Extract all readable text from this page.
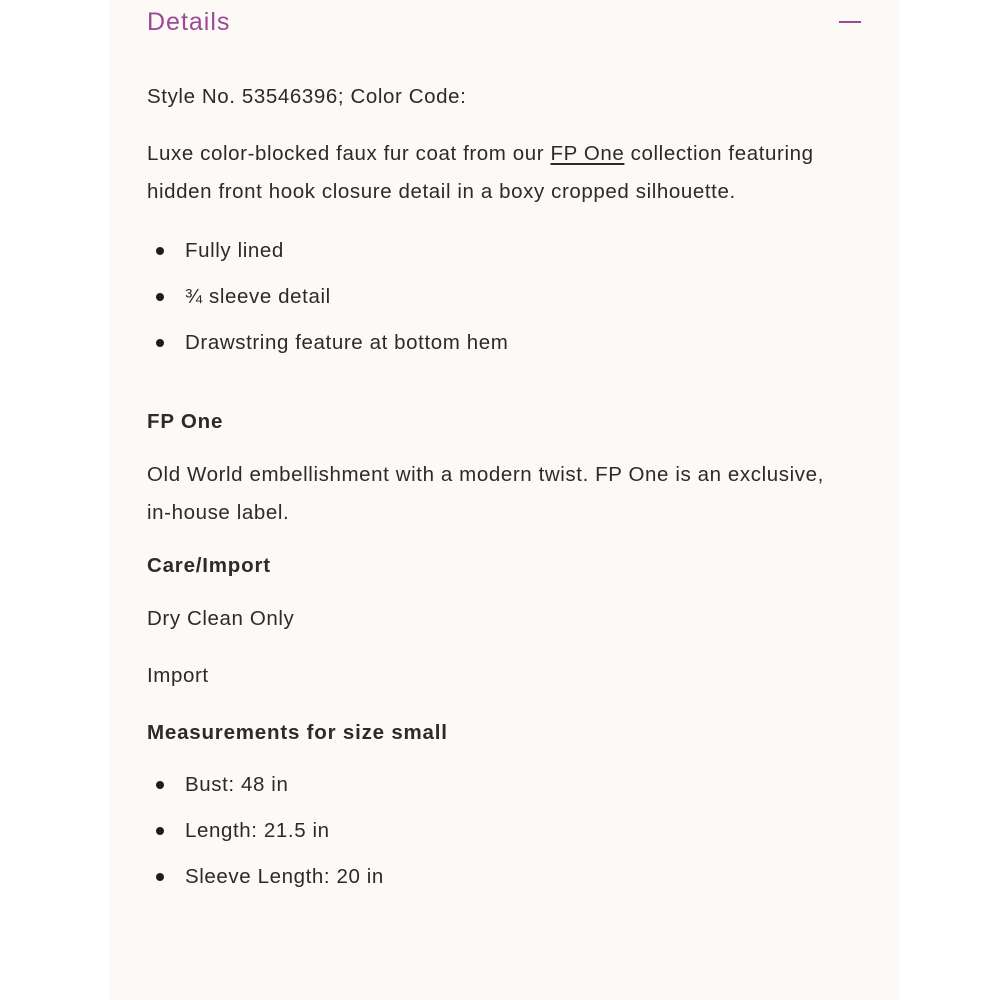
Details

Style No. 53546396; Color Code:

Luxe color-blocked faux fur coat from our FP One collection featuring hidden front hook closure detail in a boxy cropped silhouette.

Fully lined
¾ sleeve detail
Drawstring feature at bottom hem
FP One

Old World embellishment with a modern twist. FP One is an exclusive, in-house label.

Care/Import

Dry Clean Only

Import

Measurements for size small
Bust: 48 in
Length: 21.5 in
Sleeve Length: 20 in
